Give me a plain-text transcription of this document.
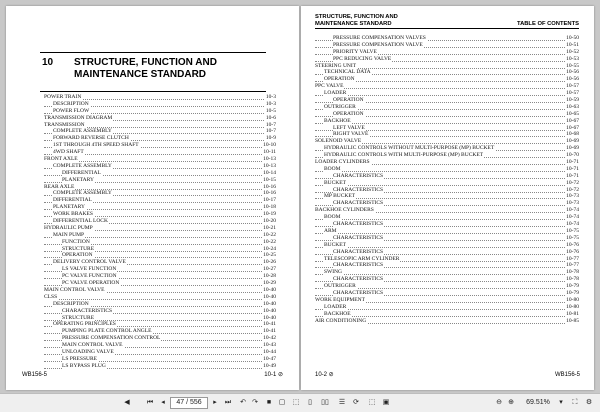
10 STRUCTURE, FUNCTION AND MAINTENANCE STANDARD
POWER TRAIN	10-3
DESCRIPTION	10-3
POWER FLOW	10-5
TRANSMISSION DIAGRAM	10-6
TRANSMISSION	10-7
COMPLETE ASSEMBLY	10-7
FORWARD REVERSE CLUTCH	10-9
1ST THROUGH 4TH SPEED SHAFT	10-10
4WD SHAFT	10-11
FRONT AXLE	10-13
COMPLETE ASSEMBLY	10-13
DIFFERENTIAL	10-14
PLANETARY	10-15
REAR AXLE	10-16
COMPLETE ASSEMBLY	10-16
DIFFERENTIAL	10-17
PLANETARY	10-18
WORK BRAKES	10-19
DIFFERENTIAL LOCK	10-20
HYDRAULIC PUMP	10-21
MAIN PUMP	10-22
FUNCTION	10-22
STRUCTURE	10-24
OPERATION	10-25
DELIVERY CONTROL VALVE	10-26
LS VALVE FUNCTION	10-27
PC VALVE FUNCTION	10-28
PC VALVE OPERATION	10-29
MAIN CONTROL VALVE	10-40
CLSS	10-40
DESCRIPTION	10-40
CHARACTERISTICS	10-40
STRUCTURE	10-40
OPERATING PRINCIPLES	10-41
PUMPING PLATE CONTROL ANGLE	10-41
PRESSURE COMPENSATION CONTROL	10-42
MAIN CONTROL VALVE	10-43
UNLOADING VALVE	10-44
LS PRESSURE	10-47
LS BYPASS PLUG	10-49
WB156-5	10-1 ⊘
STRUCTURE, FUNCTION AND
MAINTENANCE STANDARD	TABLE OF CONTENTS
PRESSURE COMPENSATION VALVES	10-50
PRESSURE COMPENSATION VALVE	10-51
PRIORITY VALVE	10-52
PPC REDUCING VALVE	10-53
STEERING UNIT	10-55
TECHNICAL DATA	10-56
OPERATION	10-56
PPC VALVE	10-57
LOADER	10-57
OPERATION	10-59
OUTRIGGER	10-63
OPERATION	10-65
BACKHOE	10-67
LEFT VALVE	10-67
RIGHT VALVE	10-68
SOLENOID VALVE	10-69
HYDRAULIC CONTROLS WITHOUT MULTI-PURPOSE (MP) BUCKET	10-69
HYDRAULIC CONTROLS WITH MULTI-PURPOSE (MP) BUCKET	10-70
LOADER CYLINDERS	10-71
BOOM	10-71
CHARACTERISTICS	10-71
BUCKET	10-72
CHARACTERISTICS	10-72
MP BUCKET	10-73
CHARACTERISTICS	10-73
BACKHOE CYLINDERS	10-74
BOOM	10-74
CHARACTERISTICS	10-74
ARM	10-75
CHARACTERISTICS	10-75
BUCKET	10-76
CHARACTERISTICS	10-76
TELESCOPIC ARM CYLINDER	10-77
CHARACTERISTICS	10-77
SWING	10-78
CHARACTERISTICS	10-78
OUTRIGGER	10-79
CHARACTERISTICS	10-79
WORK EQUIPMENT	10-80
LOADER	10-80
BACKHOE	10-81
AIR CONDITIONING	10-85
10-2 ⊘	WB156-5
◀	⏮	◂	47 / 556	▸	⏭	↶ ↷	■	▢	⬚	▯	▯▯	☰	⟳	⬚	▣	⊖ ⊕	69.51%	▾	⛶	⚙
